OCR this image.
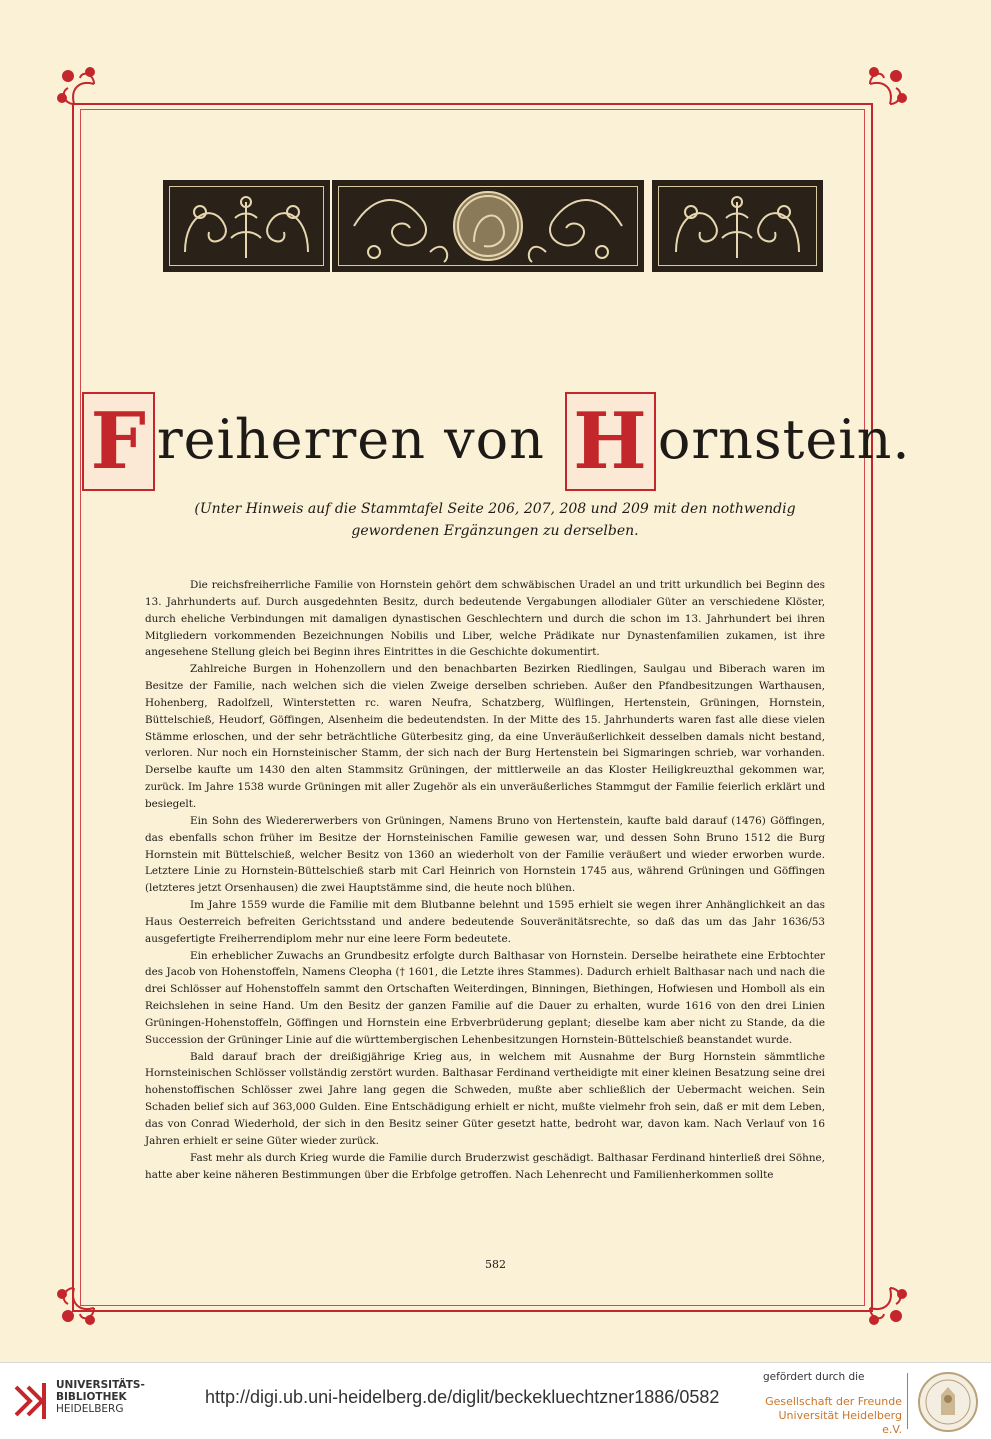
F reiherren von H ornstein.
(Unter Hinweis auf die Stammtafel Seite 206, 207, 208 und 209 mit den nothwendig gewordenen Ergänzungen zu derselben.

Die reichsfreiherrliche Familie von Hornstein gehört dem schwäbischen Uradel an und tritt urkundlich bei Beginn des 13. Jahrhunderts auf. Durch ausgedehnten Besitz, durch bedeutende Vergabungen allodialer Güter an verschiedene Klöster, durch eheliche Verbindungen mit damaligen dynastischen Geschlechtern und durch die schon im 13. Jahrhundert bei ihren Mitgliedern vorkommenden Bezeichnungen Nobilis und Liber, welche Prädikate nur Dynastenfamilien zukamen, ist ihre angesehene Stellung gleich bei Beginn ihres Eintrittes in die Geschichte dokumentirt.

Zahlreiche Burgen in Hohenzollern und den benachbarten Bezirken Riedlingen, Saulgau und Biberach waren im Besitze der Familie, nach welchen sich die vielen Zweige derselben schrieben. Außer den Pfandbesitzungen Warthausen, Hohenberg, Radolfzell, Winterstetten rc. waren Neufra, Schatzberg, Wülflingen, Hertenstein, Grüningen, Hornstein, Büttelschieß, Heudorf, Göffingen, Alsenheim die bedeutendsten. In der Mitte des 15. Jahrhunderts waren fast alle diese vielen Stämme erloschen, und der sehr beträchtliche Güterbesitz ging, da eine Unveräußerlichkeit desselben damals nicht bestand, verloren. Nur noch ein Hornsteinischer Stamm, der sich nach der Burg Hertenstein bei Sigmaringen schrieb, war vorhanden. Derselbe kaufte um 1430 den alten Stammsitz Grüningen, der mittlerweile an das Kloster Heiligkreuzthal gekommen war, zurück. Im Jahre 1538 wurde Grüningen mit aller Zugehör als ein unveräußerliches Stammgut der Familie feierlich erklärt und besiegelt.

Ein Sohn des Wiedererwerbers von Grüningen, Namens Bruno von Hertenstein, kaufte bald darauf (1476) Göffingen, das ebenfalls schon früher im Besitze der Hornsteinischen Familie gewesen war, und dessen Sohn Bruno 1512 die Burg Hornstein mit Büttelschieß, welcher Besitz von 1360 an wiederholt von der Familie veräußert und wieder erworben wurde. Letztere Linie zu Hornstein-Büttelschieß starb mit Carl Heinrich von Hornstein 1745 aus, während Grüningen und Göffingen (letzteres jetzt Orsenhausen) die zwei Hauptstämme sind, die heute noch blühen.

Im Jahre 1559 wurde die Familie mit dem Blutbanne belehnt und 1595 erhielt sie wegen ihrer Anhänglichkeit an das Haus Oesterreich befreiten Gerichtsstand und andere bedeutende Souveränitätsrechte, so daß das um das Jahr 1636/53 ausgefertigte Freiherrendiplom mehr nur eine leere Form bedeutete.

Ein erheblicher Zuwachs an Grundbesitz erfolgte durch Balthasar von Hornstein. Derselbe heirathete eine Erbtochter des Jacob von Hohenstoffeln, Namens Cleopha († 1601, die Letzte ihres Stammes). Dadurch erhielt Balthasar nach und nach die drei Schlösser auf Hohenstoffeln sammt den Ortschaften Weiterdingen, Binningen, Biethingen, Hofwiesen und Homboll als ein Reichslehen in seine Hand. Um den Besitz der ganzen Familie auf die Dauer zu erhalten, wurde 1616 von den drei Linien Grüningen-Hohenstoffeln, Göffingen und Hornstein eine Erbverbrüderung geplant; dieselbe kam aber nicht zu Stande, da die Succession der Grüninger Linie auf die württembergischen Lehenbesitzungen Hornstein-Büttelschieß beanstandet wurde.

Bald darauf brach der dreißigjährige Krieg aus, in welchem mit Ausnahme der Burg Hornstein sämmtliche Hornsteinischen Schlösser vollständig zerstört wurden. Balthasar Ferdinand vertheidigte mit einer kleinen Besatzung seine drei hohenstoffischen Schlösser zwei Jahre lang gegen die Schweden, mußte aber schließlich der Uebermacht weichen. Sein Schaden belief sich auf 363,000 Gulden. Eine Entschädigung erhielt er nicht, mußte vielmehr froh sein, daß er mit dem Leben, das von Conrad Wiederhold, der sich in den Besitz seiner Güter gesetzt hatte, bedroht war, davon kam. Nach Verlauf von 16 Jahren erhielt er seine Güter wieder zurück.

Fast mehr als durch Krieg wurde die Familie durch Bruderzwist geschädigt. Balthasar Ferdinand hinterließ drei Söhne, hatte aber keine näheren Bestimmungen über die Erbfolge getroffen. Nach Lehenrecht und Familienherkommen sollte

582
UNIVERSITÄTS-
BIBLIOTHEK
HEIDELBERG
http://digi.ub.uni-heidelberg.de/diglit/beckekluechtzner1886/0582
gefördert durch die
Gesellschaft der Freunde
Universität Heidelberg e.V.
